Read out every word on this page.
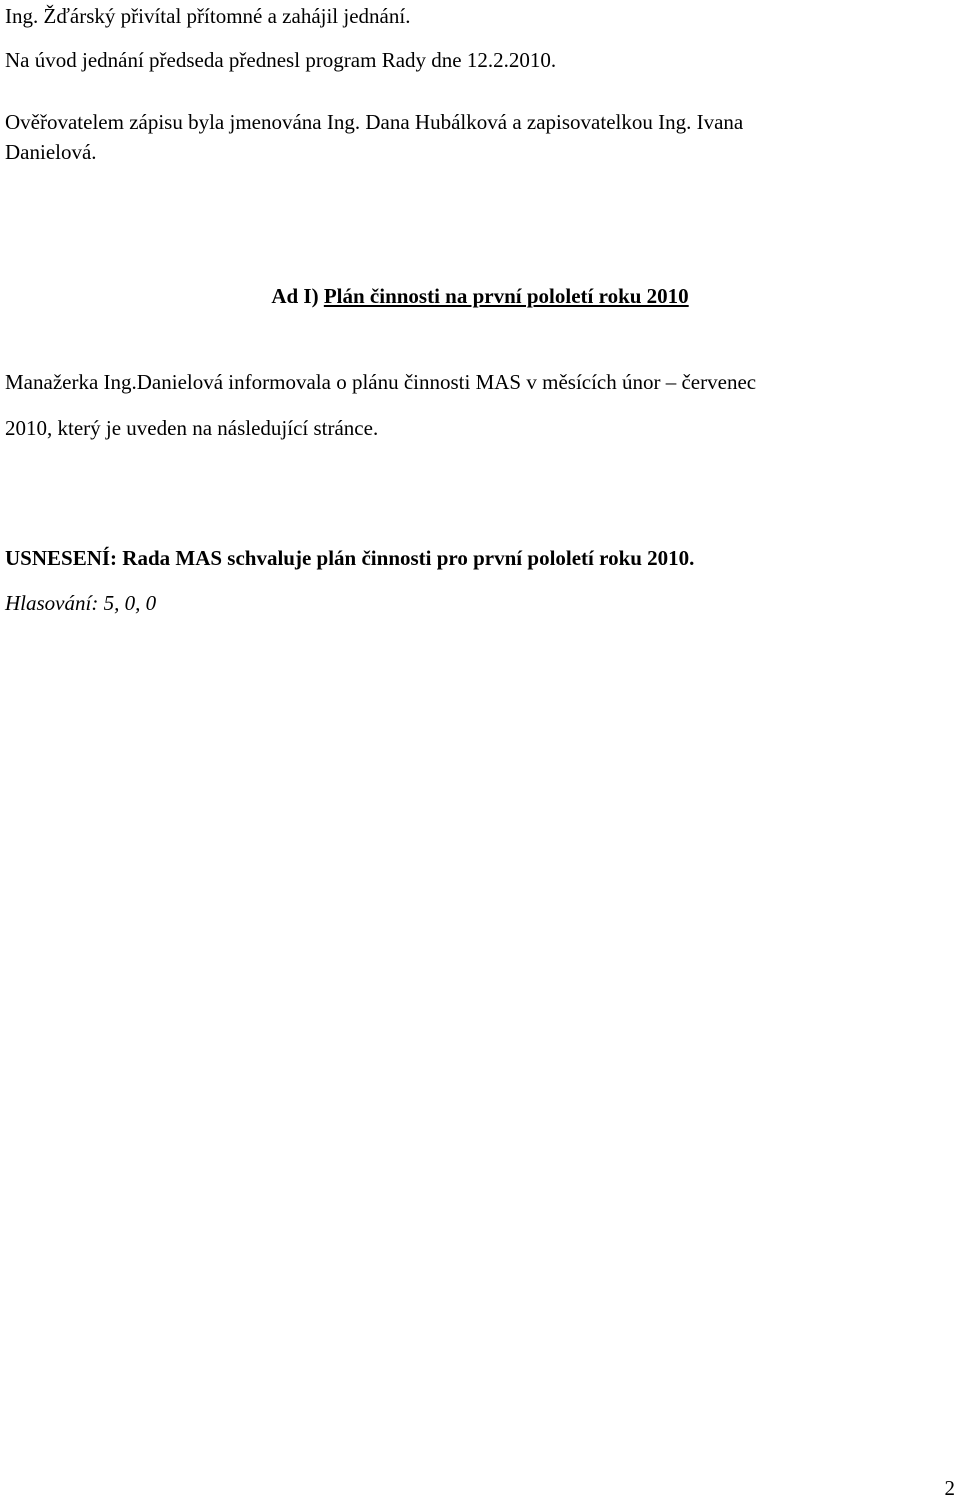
Ing. Žďárský přivítal přítomné a zahájil jednání.
Na úvod jednání předseda přednesl program Rady dne 12.2.2010.
Ověřovatelem zápisu byla jmenována Ing. Dana Hubálková a zapisovatelkou Ing. Ivana
Danielová.
Ad I) Plán činnosti na první pololetí roku 2010
Manažerka Ing.Danielová informovala o plánu činnosti MAS v měsících únor – červenec
2010, který je uveden na následující stránce.
USNESENÍ: Rada MAS schvaluje plán činnosti pro první pololetí roku 2010.
Hlasování: 5, 0, 0
2
